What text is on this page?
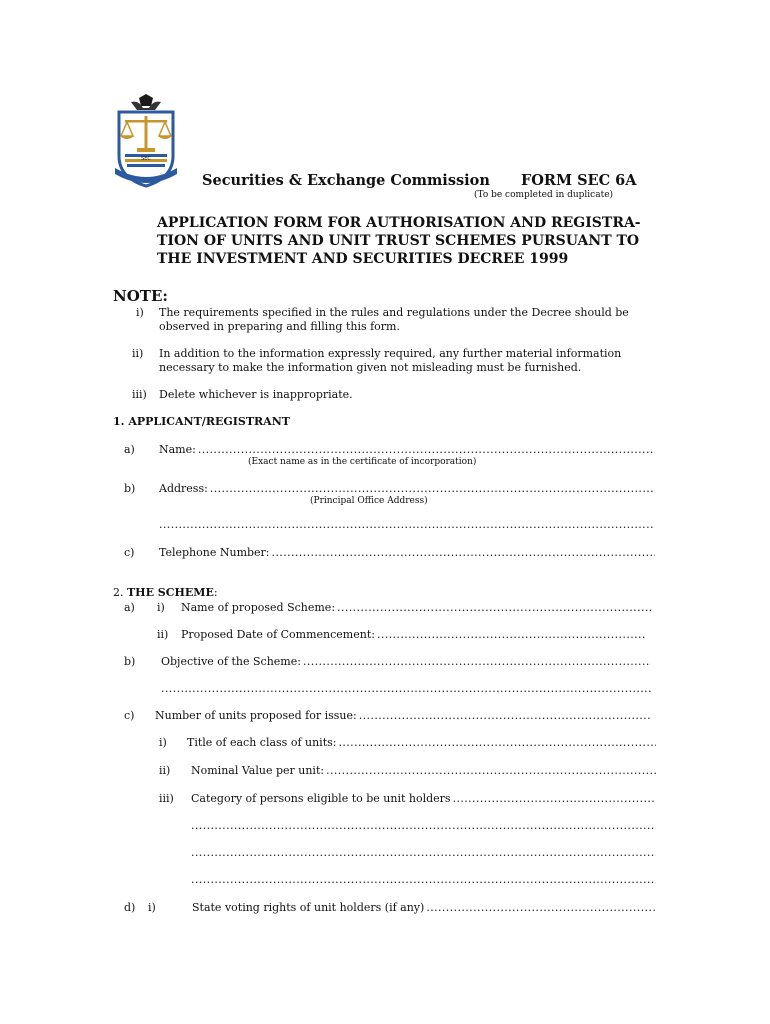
SEC
Securities & Exchange Commission FORM SEC 6A
(To be completed in duplicate)
APPLICATION FORM FOR AUTHORISATION AND REGISTRA-
TION OF UNITS AND UNIT TRUST SCHEMES PURSUANT TO
THE INVESTMENT AND SECURITIES DECREE 1999
NOTE:
i) The requirements specified in the rules and regulations under the Decree should be
observed in preparing and filling this form.
ii) In addition to the information expressly required, any further material information
necessary to make the information given not misleading must be furnished.
iii) Delete whichever is inappropriate.
1. APPLICANT/REGISTRANT
a) Name:
.....
(Exact name as in the certificate of incorporation)
b) Address:
.....
(Principal Office Address)
.....
c) Telephone Number:
.....
2. THE SCHEME:
a) i) Name of proposed Scheme:
.....
ii) Proposed Date of Commencement:
.....
b) Objective of the Scheme:
.....
.....
c) Number of units proposed for issue:
.....
i) Title of each class of units:
.....
ii) Nominal Value per unit:
.....
iii) Category of persons eligible to be unit holders
.....
.....
.....
.....
d) i)	State voting rights of unit holders (if any)
.....
